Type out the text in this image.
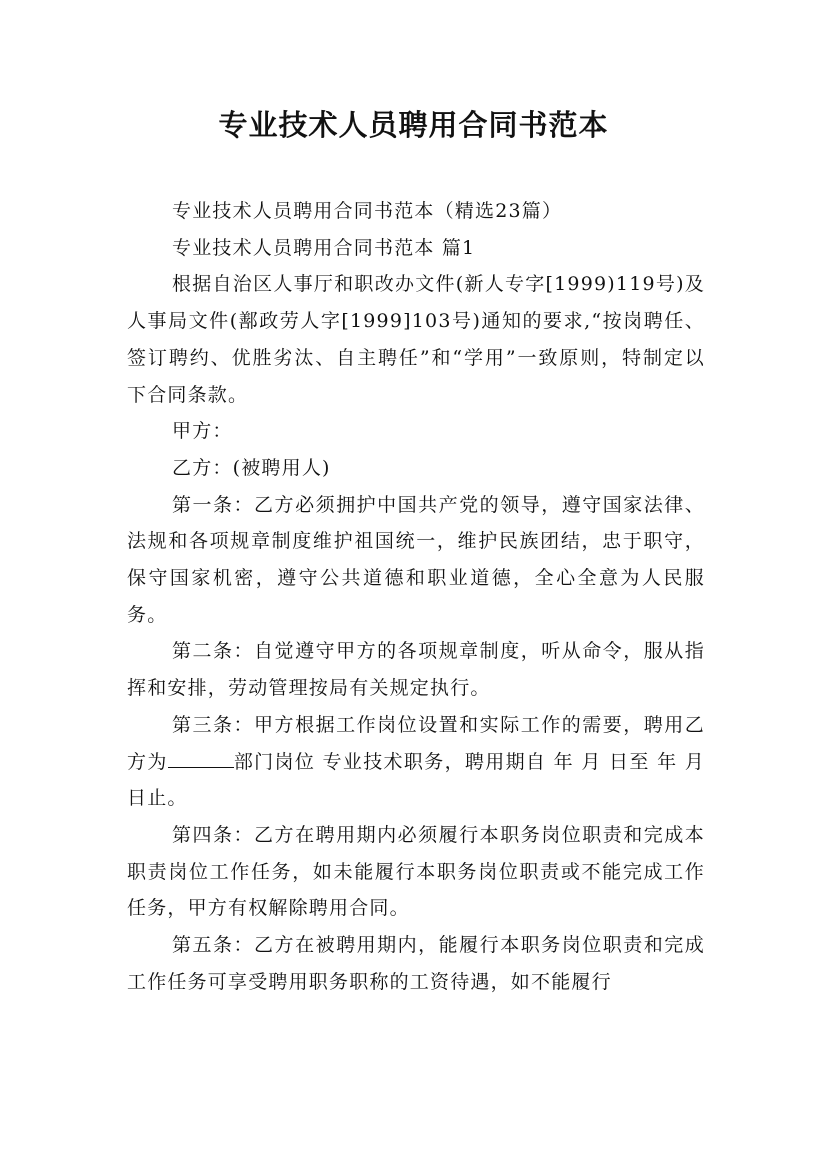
专业技术人员聘用合同书范本

专业技术人员聘用合同书范本（精选23篇）

专业技术人员聘用合同书范本 篇1

根据自治区人事厅和职改办文件(新人专字[1999)119号)及人事局文件(鄯政劳人字[1999]103号)通知的要求,“按岗聘任、签订聘约、优胜劣汰、自主聘任”和“学用”一致原则，特制定以下合同条款。

甲方：

乙方：(被聘用人)

第一条：乙方必须拥护中国共产党的领导，遵守国家法律、法规和各项规章制度维护祖国统一，维护民族团结，忠于职守，保守国家机密，遵守公共道德和职业道德，全心全意为人民服务。

第二条：自觉遵守甲方的各项规章制度，听从命令，服从指挥和安排，劳动管理按局有关规定执行。

第三条：甲方根据工作岗位设置和实际工作的需要，聘用乙方为	部门岗位 专业技术职务，聘用期自 年 月 日至 年 月 日止。

第四条：乙方在聘用期内必须履行本职务岗位职责和完成本职责岗位工作任务，如未能履行本职务岗位职责或不能完成工作任务，甲方有权解除聘用合同。

第五条：乙方在被聘用期内，能履行本职务岗位职责和完成工作任务可享受聘用职务职称的工资待遇，如不能履行
